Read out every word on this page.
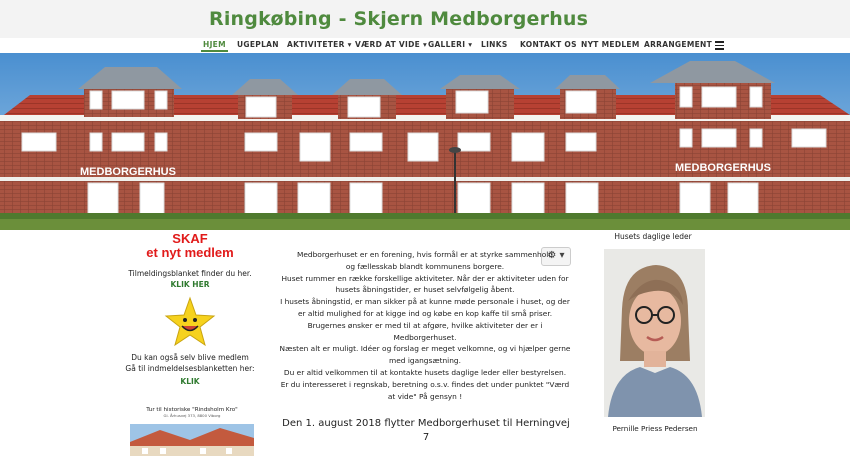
Ringkøbing - Skjern Medborgerhus
HJEM UGEPLAN AKTIVITETER ▾ VÆRD AT VIDE ▾ GALLERI ▾ LINKS KONTAKT OS NYT MEDLEM ARRANGEMENT
MEDBORGERHUS	MEDBORGERHUS
SKAF
et nyt medlem
Tilmeldingsblanket finder du her.
KLIK HER
Du kan også selv blive medlem
Gå til indmeldelsesblanketten her:
KLIK
Tur til historiske "Rindsholm Kro"
Gl. Århusvej 373, 8800 Viborg
⚙ ▾

Medborgerhuset er en forening, hvis formål er at styrke sammenhold

og fællesskab blandt kommunens borgere.

Huset rummer en række forskellige aktiviteter. Når der er aktiviteter uden for

husets åbningstider, er huset selvfølgelig åbent.

I husets åbningstid, er man sikker på at kunne møde personale i huset, og der

er altid mulighed for at kigge ind og købe en kop kaffe til små priser.

Brugernes ønsker er med til at afgøre, hvilke aktiviteter der er i

Medborgerhuset.

Næsten alt er muligt. Idéer og forslag er meget velkomne, og vi hjælper gerne

med igangsætning.

Du er altid velkommen til at kontakte husets daglige leder eller bestyrelsen.

Er du interesseret i regnskab, beretning o.s.v. findes det under punktet "Værd

at vide" På gensyn !

Den 1. august 2018 flytter Medborgerhuset til Herningvej 7
Husets daglige leder
Pernille Priess Pedersen
